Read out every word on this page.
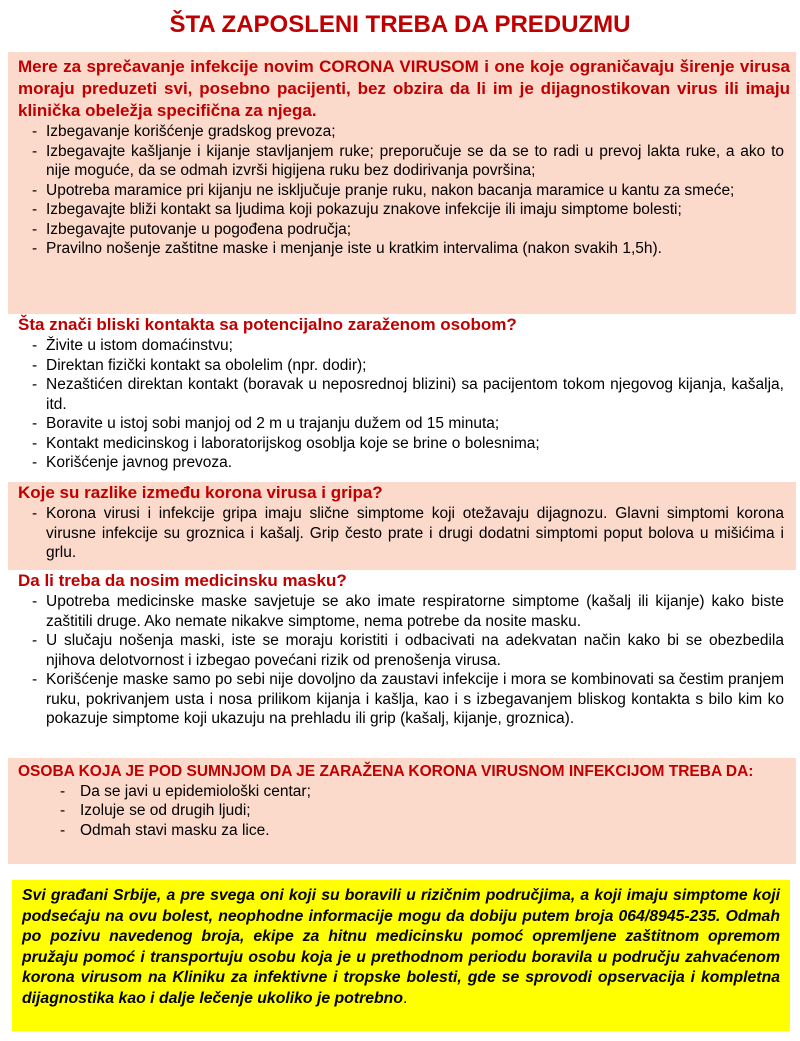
ŠTA ZAPOSLENI TREBA DA PREDUZMU

Mere za sprečavanje infekcije novim CORONA VIRUSOM i one koje ograničavaju širenje virusa moraju preduzeti svi, posebno pacijenti, bez obzira da li im je dijagnostikovan virus ili imaju klinička obeležja specifična za njega.

- Izbegavanje korišćenje gradskog prevoza;
- Izbegavajte kašljanje i kijanje stavljanjem ruke; preporučuje se da se to radi u prevoj lakta ruke, a ako to nije moguće, da se odmah izvrši higijena ruku bez dodirivanja površina;
- Upotreba maramice pri kijanju ne isključuje pranje ruku, nakon bacanja maramice u kantu za smeće;
- Izbegavajte bliži kontakt sa ljudima koji pokazuju znakove infekcije ili imaju simptome bolesti;
- Izbegavajte putovanje u pogođena područja;
- Pravilno nošenje zaštitne maske i menjanje iste u kratkim intervalima (nakon svakih 1,5h).

Šta znači bliski kontakta sa potencijalno zaraženom osobom?

- Živite u istom domaćinstvu;
- Direktan fizički kontakt sa obolelim (npr. dodir);
- Nezaštićen direktan kontakt (boravak u neposrednoj blizini) sa pacijentom tokom njegovog kijanja, kašalja, itd.
- Boravite u istoj sobi manjoj od 2 m u trajanju dužem od 15 minuta;
- Kontakt medicinskog i laboratorijskog osoblja koje se brine o bolesnima;
- Korišćenje javnog prevoza.

Koje su razlike između korona virusa i gripa?

- Korona virusi i infekcije gripa imaju slične simptome koji otežavaju dijagnozu. Glavni simptomi korona virusne infekcije su groznica i kašalj. Grip često prate i drugi dodatni simptomi poput bolova u mišićima i grlu.

Da li treba da nosim medicinsku masku?

- Upotreba medicinske maske savjetuje se ako imate respiratorne simptome (kašalj ili kijanje) kako biste zaštitili druge. Ako nemate nikakve simptome, nema potrebe da nosite masku.
- U slučaju nošenja maski, iste se moraju koristiti i odbacivati na adekvatan način kako bi se obezbedila njihova delotvornost i izbegao povećani rizik od prenošenja virusa.
- Korišćenje maske samo po sebi nije dovoljno da zaustavi infekcije i mora se kombinovati sa čestim pranjem ruku, pokrivanjem usta i nosa prilikom kijanja i kašlja, kao i s izbegavanjem bliskog kontakta s bilo kim ko pokazuje simptome koji ukazuju na prehladu ili grip (kašalj, kijanje, groznica).

OSOBA KOJA JE POD SUMNJOM DA JE ZARAŽENA KORONA VIRUSNOM INFEKCIJOM TREBA DA:

- Da se javi u epidemiološki centar;
- Izoluje se od drugih ljudi;
- Odmah stavi masku za lice.
Svi građani Srbije, a pre svega oni koji su boravili u rizičnim područjima, a koji imaju simptome koji podsećaju na ovu bolest, neophodne informacije mogu da dobiju putem broja 064/8945-235. Odmah po pozivu navedenog broja, ekipe za hitnu medicinsku pomoć opremljene zaštitnom opremom pružaju pomoć i transportuju osobu koja je u prethodnom periodu boravila u području zahvaćenom korona virusom na Kliniku za infektivne i tropske bolesti, gde se sprovodi opservacija i kompletna dijagnostika kao i dalje lečenje ukoliko je potrebno.
